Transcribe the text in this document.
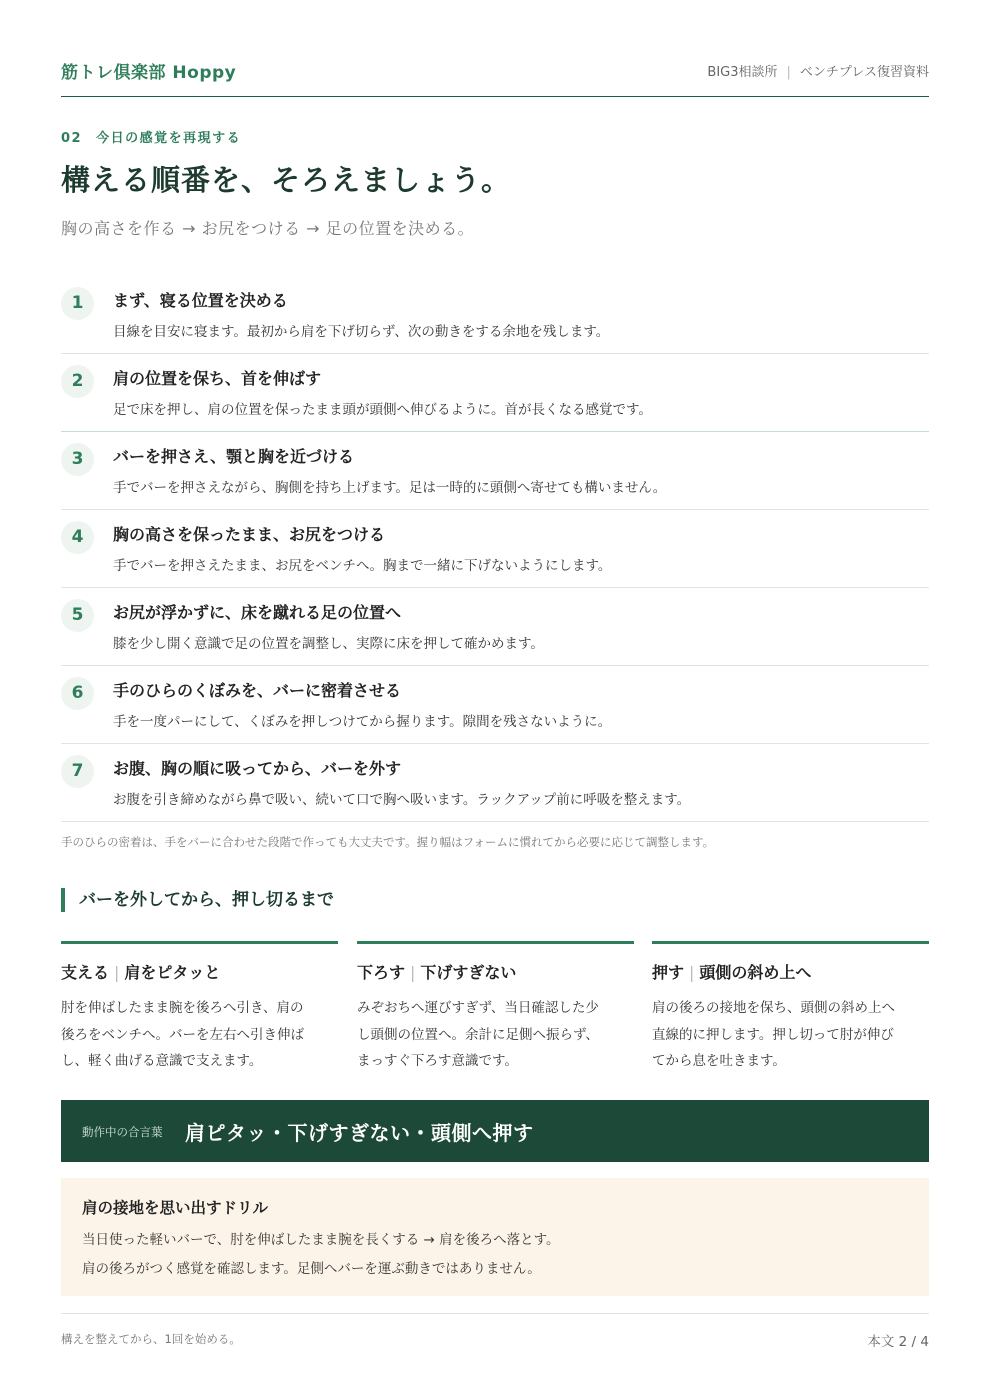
筋トレ倶楽部 Hoppy	BIG3相談所 | ベンチプレス復習資料
02 今日の感覚を再現する
構える順番を、そろえましょう。
胸の高さを作る → お尻をつける → 足の位置を決める。
1	まず、寝る位置を決める
目線を目安に寝ます。最初から肩を下げ切らず、次の動きをする余地を残します。
2	肩の位置を保ち、首を伸ばす
足で床を押し、肩の位置を保ったまま頭が頭側へ伸びるように。首が長くなる感覚です。
3	バーを押さえ、顎と胸を近づける
手でバーを押さえながら、胸側を持ち上げます。足は一時的に頭側へ寄せても構いません。
4	胸の高さを保ったまま、お尻をつける
手でバーを押さえたまま、お尻をベンチへ。胸まで一緒に下げないようにします。
5	お尻が浮かずに、床を蹴れる足の位置へ
膝を少し開く意識で足の位置を調整し、実際に床を押して確かめます。
6	手のひらのくぼみを、バーに密着させる
手を一度パーにして、くぼみを押しつけてから握ります。隙間を残さないように。
7	お腹、胸の順に吸ってから、バーを外す
お腹を引き締めながら鼻で吸い、続いて口で胸へ吸います。ラックアップ前に呼吸を整えます。
手のひらの密着は、手をバーに合わせた段階で作っても大丈夫です。握り幅はフォームに慣れてから必要に応じて調整します。
バーを外してから、押し切るまで
支える | 肩をピタッと
肘を伸ばしたまま腕を後ろへ引き、肩の
後ろをベンチへ。バーを左右へ引き伸ば
し、軽く曲げる意識で支えます。
下ろす | 下げすぎない
みぞおちへ運びすぎず、当日確認した少
し頭側の位置へ。余計に足側へ振らず、
まっすぐ下ろす意識です。
押す | 頭側の斜め上へ
肩の後ろの接地を保ち、頭側の斜め上へ
直線的に押します。押し切って肘が伸び
てから息を吐きます。
動作中の合言葉 肩ピタッ・下げすぎない・頭側へ押す
肩の接地を思い出すドリル
当日使った軽いバーで、肘を伸ばしたまま腕を長くする → 肩を後ろへ落とす。
肩の後ろがつく感覚を確認します。足側へバーを運ぶ動きではありません。
構えを整えてから、1回を始める。	本文 2 / 4
